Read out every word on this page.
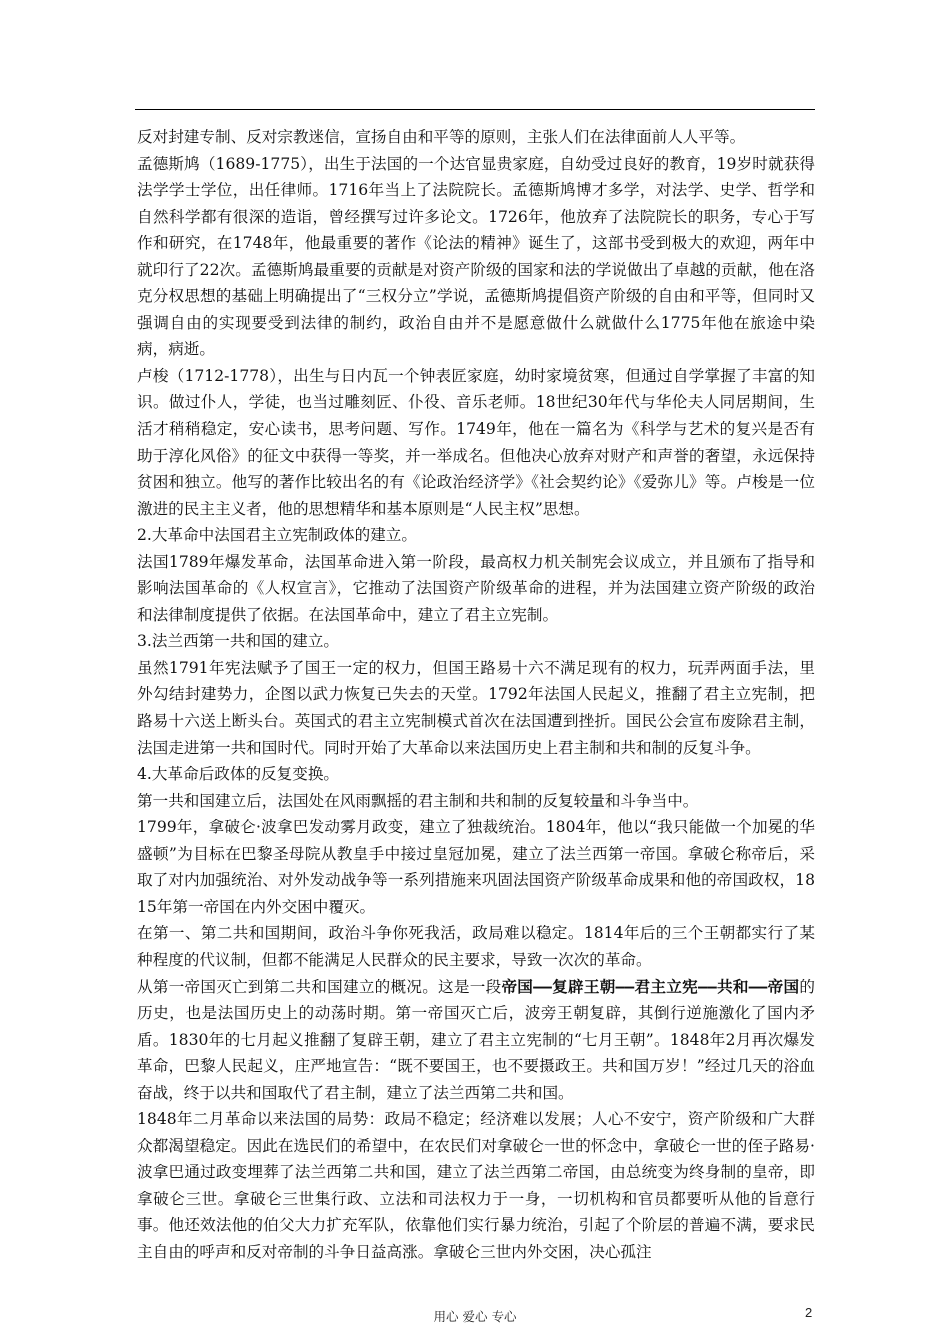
反对封建专制、反对宗教迷信，宣扬自由和平等的原则，主张人们在法律面前人人平等。

孟德斯鸠（1689-1775），出生于法国的一个达官显贵家庭，自幼受过良好的教育，19岁时就获得法学学士学位，出任律师。1716年当上了法院院长。孟德斯鸠博才多学，对法学、史学、哲学和自然科学都有很深的造诣，曾经撰写过许多论文。1726年，他放弃了法院院长的职务，专心于写作和研究，在1748年，他最重要的著作《论法的精神》诞生了，这部书受到极大的欢迎，两年中就印行了22次。孟德斯鸠最重要的贡献是对资产阶级的国家和法的学说做出了卓越的贡献，他在洛克分权思想的基础上明确提出了“三权分立”学说，孟德斯鸠提倡资产阶级的自由和平等，但同时又强调自由的实现要受到法律的制约，政治自由并不是愿意做什么就做什么1775年他在旅途中染病，病逝。

卢梭（1712-1778），出生与日内瓦一个钟表匠家庭，幼时家境贫寒，但通过自学掌握了丰富的知识。做过仆人，学徒，也当过雕刻匠、仆役、音乐老师。18世纪30年代与华伦夫人同居期间，生活才稍稍稳定，安心读书，思考问题、写作。1749年，他在一篇名为《科学与艺术的复兴是否有助于淳化风俗》的征文中获得一等奖，并一举成名。但他决心放弃对财产和声誉的奢望，永远保持贫困和独立。他写的著作比较出名的有《论政治经济学》《社会契约论》《爱弥儿》等。卢梭是一位激进的民主主义者，他的思想精华和基本原则是“人民主权”思想。

2.大革命中法国君主立宪制政体的建立。

法国1789年爆发革命，法国革命进入第一阶段，最高权力机关制宪会议成立，并且颁布了指导和影响法国革命的《人权宣言》，它推动了法国资产阶级革命的进程，并为法国建立资产阶级的政治和法律制度提供了依据。在法国革命中，建立了君主立宪制。

3.法兰西第一共和国的建立。

虽然1791年宪法赋予了国王一定的权力，但国王路易十六不满足现有的权力，玩弄两面手法，里外勾结封建势力，企图以武力恢复已失去的天堂。1792年法国人民起义，推翻了君主立宪制，把路易十六送上断头台。英国式的君主立宪制模式首次在法国遭到挫折。国民公会宣布废除君主制，法国走进第一共和国时代。同时开始了大革命以来法国历史上君主制和共和制的反复斗争。

4.大革命后政体的反复变换。

第一共和国建立后，法国处在风雨飘摇的君主制和共和制的反复较量和斗争当中。

1799年，拿破仑·波拿巴发动雾月政变，建立了独裁统治。1804年，他以“我只能做一个加冕的华盛顿”为目标在巴黎圣母院从教皇手中接过皇冠加冕，建立了法兰西第一帝国。拿破仑称帝后，采取了对内加强统治、对外发动战争等一系列措施来巩固法国资产阶级革命成果和他的帝国政权，1815年第一帝国在内外交困中覆灭。

在第一、第二共和国期间，政治斗争你死我活，政局难以稳定。1814年后的三个王朝都实行了某种程度的代议制，但都不能满足人民群众的民主要求，导致一次次的革命。

从第一帝国灭亡到第二共和国建立的概况。这是一段帝国——复辟王朝——君主立宪——共和——帝国的历史，也是法国历史上的动荡时期。第一帝国灭亡后，波旁王朝复辟，其倒行逆施激化了国内矛盾。1830年的七月起义推翻了复辟王朝，建立了君主立宪制的“七月王朝”。1848年2月再次爆发革命，巴黎人民起义，庄严地宣告：“既不要国王，也不要摄政王。共和国万岁！”经过几天的浴血奋战，终于以共和国取代了君主制，建立了法兰西第二共和国。

1848年二月革命以来法国的局势：政局不稳定；经济难以发展；人心不安宁，资产阶级和广大群众都渴望稳定。因此在选民们的希望中，在农民们对拿破仑一世的怀念中，拿破仑一世的侄子路易·波拿巴通过政变埋葬了法兰西第二共和国，建立了法兰西第二帝国，由总统变为终身制的皇帝，即拿破仑三世。拿破仑三世集行政、立法和司法权力于一身，一切机构和官员都要听从他的旨意行事。他还效法他的伯父大力扩充军队，依靠他们实行暴力统治，引起了个阶层的普遍不满，要求民主自由的呼声和反对帝制的斗争日益高涨。拿破仑三世内外交困，决心孤注

用心 爱心 专心	2
